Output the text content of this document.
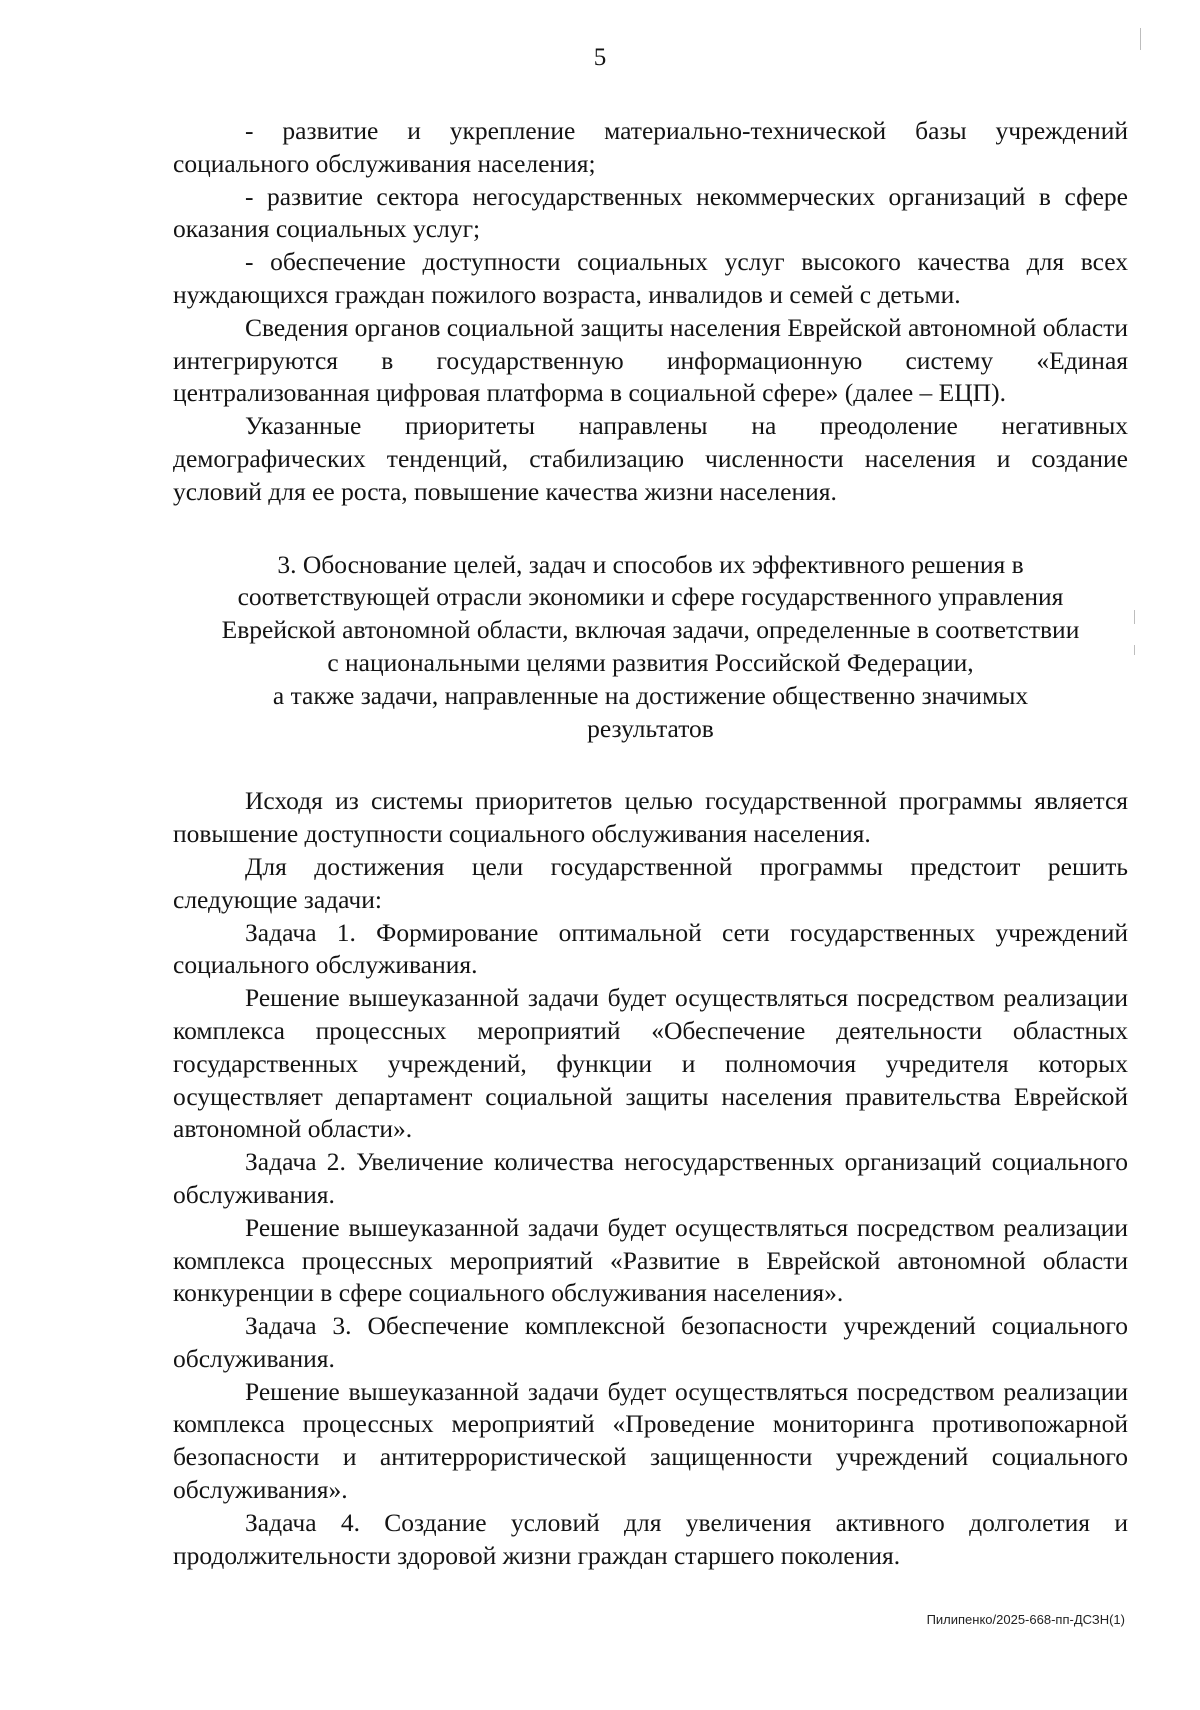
5

- развитие и укрепление материально-технической базы учреждений социального обслуживания населения;

- развитие сектора негосударственных некоммерческих организаций в сфере оказания социальных услуг;

- обеспечение доступности социальных услуг высокого качества для всех нуждающихся граждан пожилого возраста, инвалидов и семей с детьми.

Сведения органов социальной защиты населения Еврейской автономной области интегрируются в государственную информационную систему «Единая централизованная цифровая платформа в социальной сфере» (далее – ЕЦП).

Указанные приоритеты направлены на преодоление негативных демографических тенденций, стабилизацию численности населения и создание условий для ее роста, повышение качества жизни населения.

3. Обоснование целей, задач и способов их эффективного решения в
соответствующей отрасли экономики и сфере государственного управления
Еврейской автономной области, включая задачи, определенные в соответствии
с национальными целями развития Российской Федерации,
а также задачи, направленные на достижение общественно значимых
результатов

Исходя из системы приоритетов целью государственной программы является повышение доступности социального обслуживания населения.

Для достижения цели государственной программы предстоит решить следующие задачи:

Задача 1. Формирование оптимальной сети государственных учреждений социального обслуживания.

Решение вышеуказанной задачи будет осуществляться посредством реализации комплекса процессных мероприятий «Обеспечение деятельности областных государственных учреждений, функции и полномочия учредителя которых осуществляет департамент социальной защиты населения правительства Еврейской автономной области».

Задача 2. Увеличение количества негосударственных организаций социального обслуживания.

Решение вышеуказанной задачи будет осуществляться посредством реализации комплекса процессных мероприятий «Развитие в Еврейской автономной области конкуренции в сфере социального обслуживания населения».

Задача 3. Обеспечение комплексной безопасности учреждений социального обслуживания.

Решение вышеуказанной задачи будет осуществляться посредством реализации комплекса процессных мероприятий «Проведение мониторинга противопожарной безопасности и антитеррористической защищенности учреждений социального обслуживания».

Задача 4. Создание условий для увеличения активного долголетия и продолжительности здоровой жизни граждан старшего поколения.

Пилипенко/2025-668-пп-ДСЗН(1)
